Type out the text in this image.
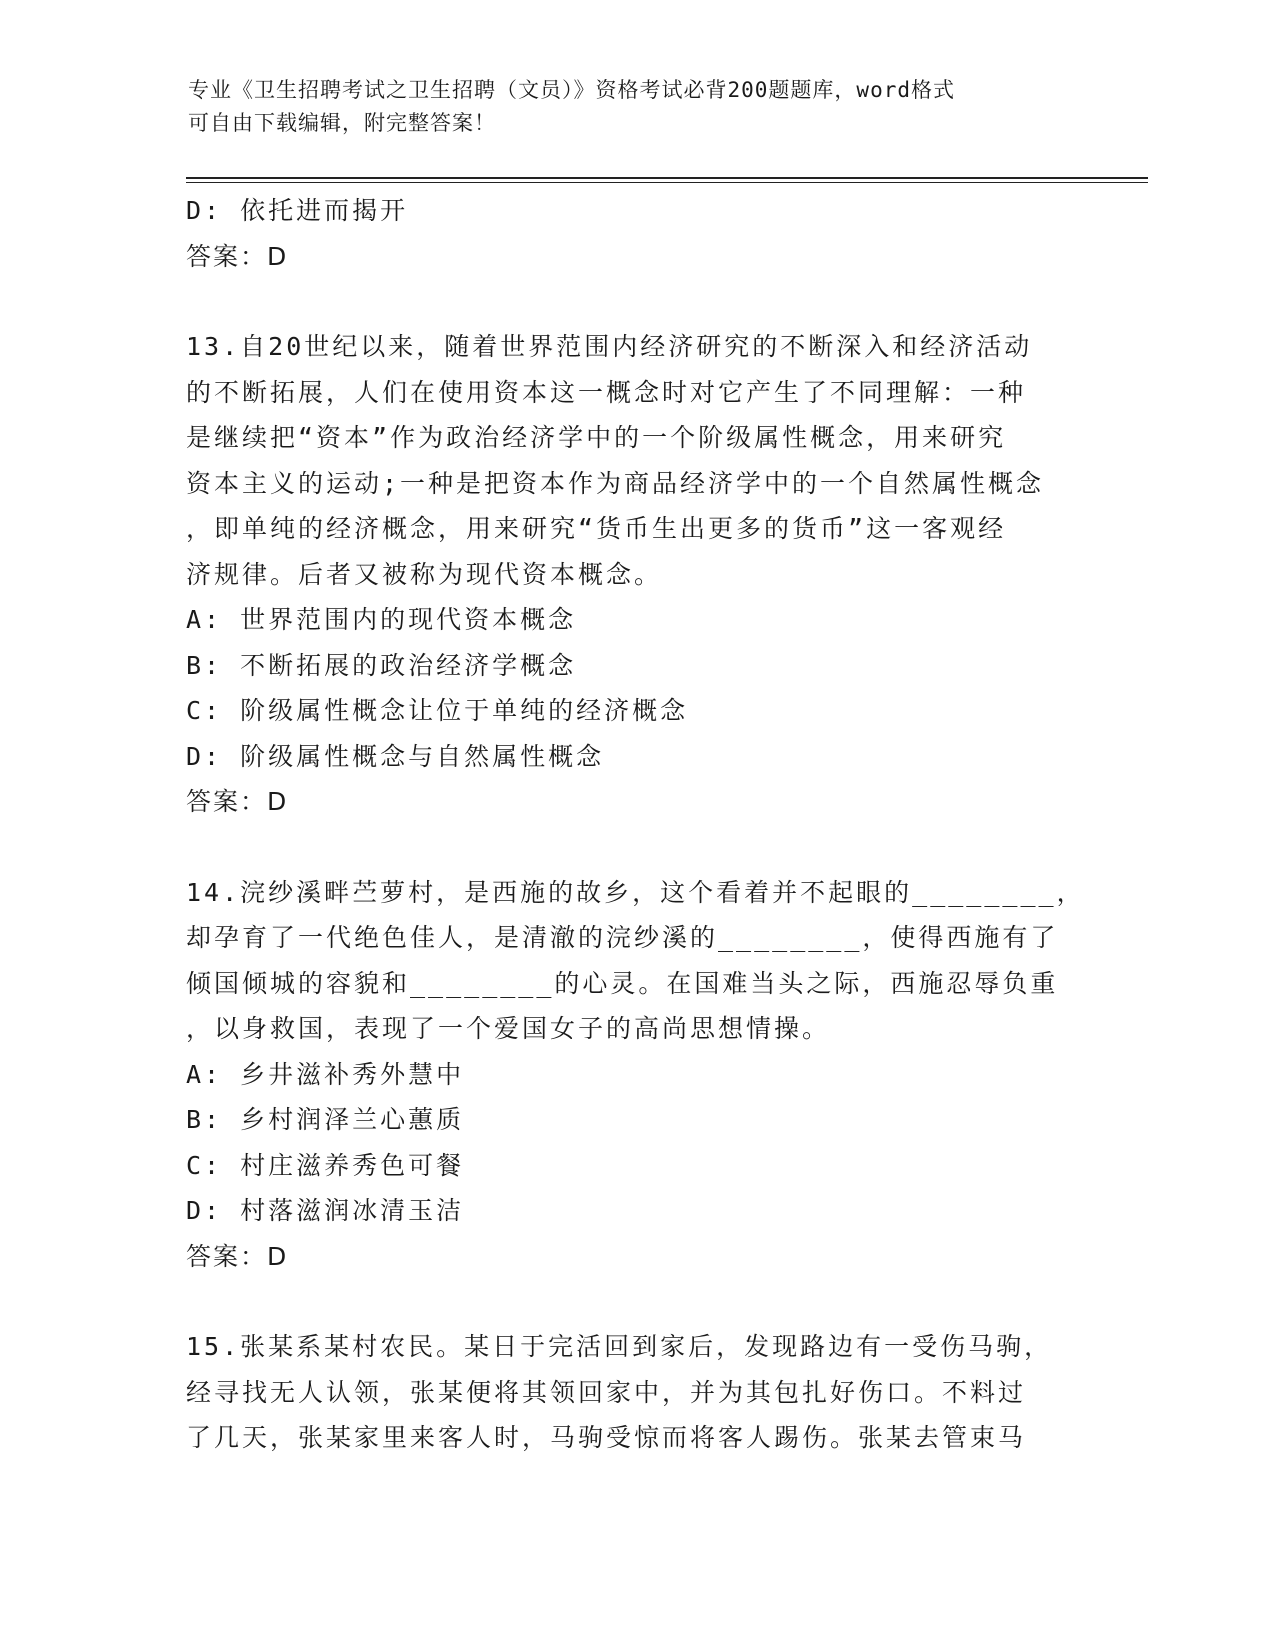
专业《卫生招聘考试之卫生招聘（文员）》资格考试必背200题题库，word格式
可自由下载编辑，附完整答案！
D: 依托进而揭开
答案：D
13.自20世纪以来，随着世界范围内经济研究的不断深入和经济活动
的不断拓展，人们在使用资本这一概念时对它产生了不同理解：一种
是继续把“资本”作为政治经济学中的一个阶级属性概念，用来研究
资本主义的运动;一种是把资本作为商品经济学中的一个自然属性概念
，即单纯的经济概念，用来研究“货币生出更多的货币”这一客观经
济规律。后者又被称为现代资本概念。
A: 世界范围内的现代资本概念
B: 不断拓展的政治经济学概念
C: 阶级属性概念让位于单纯的经济概念
D: 阶级属性概念与自然属性概念
答案：D
14.浣纱溪畔苎萝村，是西施的故乡，这个看着并不起眼的________，
却孕育了一代绝色佳人，是清澈的浣纱溪的________，使得西施有了
倾国倾城的容貌和________的心灵。在国难当头之际，西施忍辱负重
，以身救国，表现了一个爱国女子的高尚思想情操。
A: 乡井滋补秀外慧中
B: 乡村润泽兰心蕙质
C: 村庄滋养秀色可餐
D: 村落滋润冰清玉洁
答案：D
15.张某系某村农民。某日于完活回到家后，发现路边有一受伤马驹，
经寻找无人认领，张某便将其领回家中，并为其包扎好伤口。不料过
了几天，张某家里来客人时，马驹受惊而将客人踢伤。张某去管束马
